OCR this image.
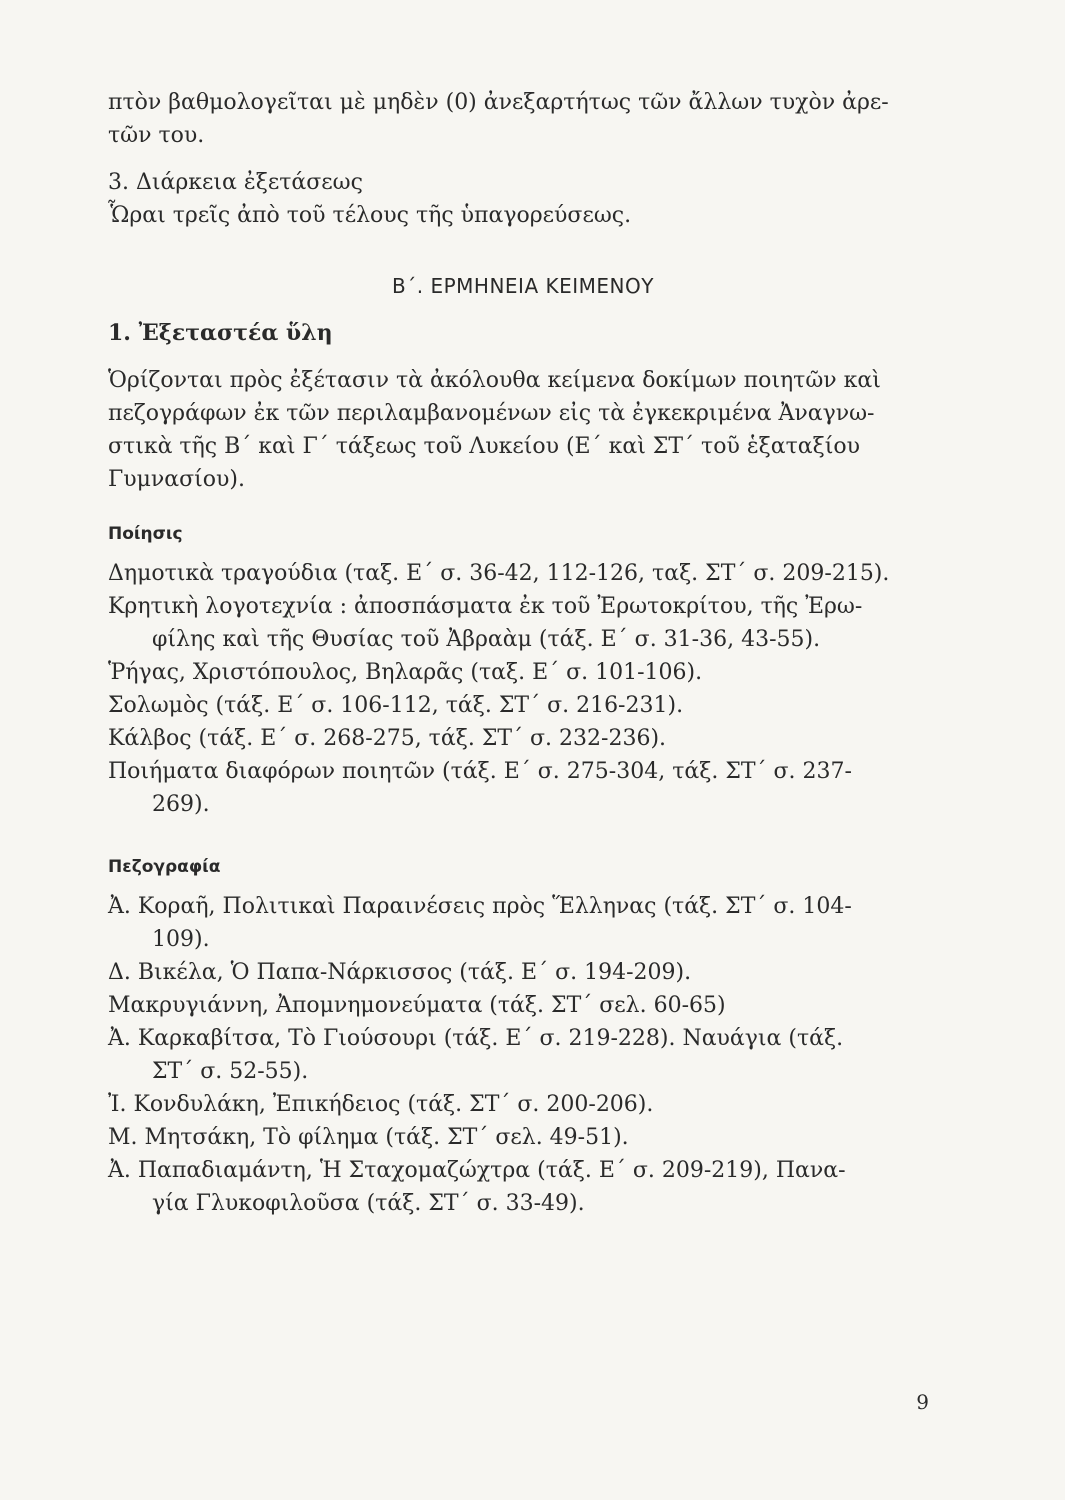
πτὸν βαθμολογεῖται μὲ μηδὲν (0) ἀνεξαρτήτως τῶν ἄλλων τυχὸν ἀρε-

τῶν του.

3. Διάρκεια ἐξετάσεως

Ὧραι τρεῖς ἀπὸ τοῦ τέλους τῆς ὑπαγορεύσεως.

Β΄. ΕΡΜΗΝΕΙΑ ΚΕΙΜΕΝΟΥ

1. Ἐξεταστέα ὕλη

Ὁρίζονται πρὸς ἐξέτασιν τὰ ἀκόλουθα κείμενα δοκίμων ποιητῶν καὶ

πεζογράφων ἐκ τῶν περιλαμβανομένων εἰς τὰ ἐγκεκριμένα Ἀναγνω-

στικὰ τῆς Β΄ καὶ Γ΄ τάξεως τοῦ Λυκείου (Ε΄ καὶ ΣΤ΄ τοῦ ἑξαταξίου

Γυμνασίου).

Ποίησις

Δημοτικὰ τραγούδια (ταξ. Ε΄ σ. 36-42, 112-126, ταξ. ΣΤ΄ σ. 209-215).

Κρητικὴ λογοτεχνία : ἀποσπάσματα ἐκ τοῦ Ἐρωτοκρίτου, τῆς Ἐρω-

φίλης καὶ τῆς Θυσίας τοῦ Ἀβραὰμ (τάξ. Ε΄ σ. 31-36, 43-55).

Ῥήγας, Χριστόπουλος, Βηλαρᾶς (ταξ. Ε΄ σ. 101-106).

Σολωμὸς (τάξ. Ε΄ σ. 106-112, τάξ. ΣΤ΄ σ. 216-231).

Κάλβος (τάξ. Ε΄ σ. 268-275, τάξ. ΣΤ΄ σ. 232-236).

Ποιήματα διαφόρων ποιητῶν (τάξ. Ε΄ σ. 275-304, τάξ. ΣΤ΄ σ. 237-

269).

Πεζογραφία

Ἀ. Κοραῆ, Πολιτικαὶ Παραινέσεις πρὸς Ἕλληνας (τάξ. ΣΤ΄ σ. 104-

109).

Δ. Βικέλα, Ὁ Παπα-Νάρκισσος (τάξ. Ε΄ σ. 194-209).

Μακρυγιάννη, Ἀπομνημονεύματα (τάξ. ΣΤ΄ σελ. 60-65)

Ἀ. Καρκαβίτσα, Τὸ Γιούσουρι (τάξ. Ε΄ σ. 219-228). Ναυάγια (τάξ.

ΣΤ΄ σ. 52-55).

Ἰ. Κονδυλάκη, Ἐπικήδειος (τάξ. ΣΤ΄ σ. 200-206).

Μ. Μητσάκη, Τὸ φίλημα (τάξ. ΣΤ΄ σελ. 49-51).

Ἀ. Παπαδιαμάντη, Ἡ Σταχομαζώχτρα (τάξ. Ε΄ σ. 209-219), Πανα-

γία Γλυκοφιλοῦσα (τάξ. ΣΤ΄ σ. 33-49).

9
